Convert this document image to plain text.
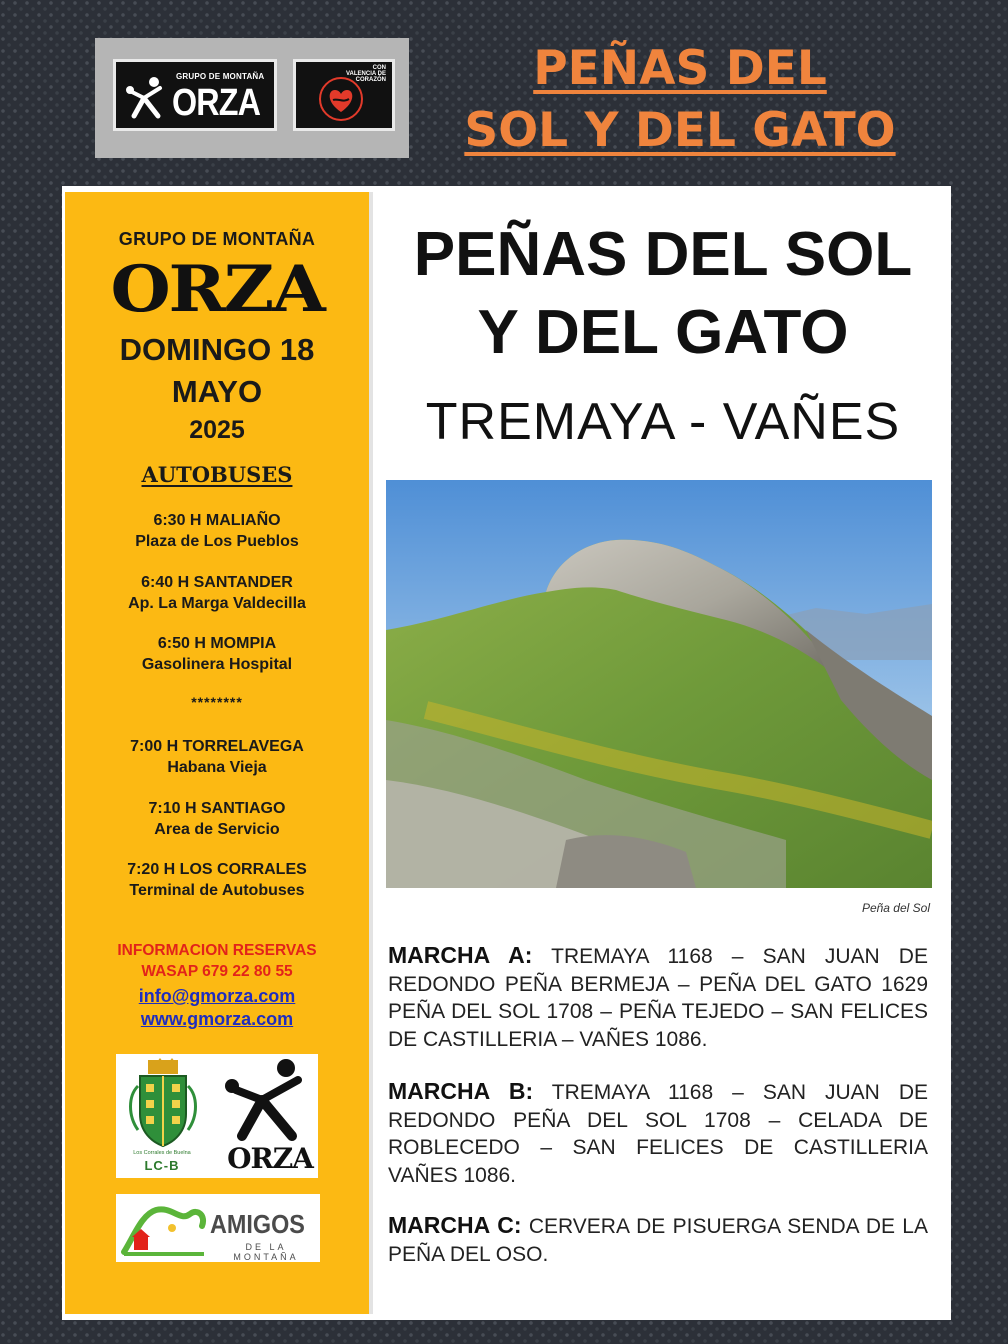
GRUPO DE MONTAÑA
ORZA
CON VALENCIA DE CORAZÓN	PEÑAS DEL
SOL Y DEL GATO
GRUPO DE MONTAÑA
ORZA
DOMINGO 18
MAYO
2025
AUTOBUSES
6:30 H MALIAÑO
Plaza de Los Pueblos
6:40 H SANTANDER
Ap. La Marga Valdecilla
6:50 H MOMPIA
Gasolinera Hospital
********
7:00 H TORRELAVEGA
Habana Vieja
7:10 H SANTIAGO
Area de Servicio
7:20 H LOS CORRALES
Terminal de Autobuses
INFORMACION RESERVAS
WASAP 679 22 80 55
info@gmorza.com
www.gmorza.com
Los Corrales de Buelna
LC-B	ORZA
AMIGOS
DE LA MONTAÑA
PEÑAS DEL SOL
Y DEL GATO
TREMAYA - VAÑES
Peña del Sol
MARCHA A: TREMAYA 1168 – SAN JUAN DE REDONDO PEÑA BERMEJA – PEÑA DEL GATO 1629 PEÑA DEL SOL 1708 – PEÑA TEJEDO – SAN FELICES DE CASTILLERIA – VAÑES 1086.
MARCHA B: TREMAYA 1168 – SAN JUAN DE REDONDO PEÑA DEL SOL 1708 – CELADA DE ROBLECEDO – SAN FELICES DE CASTILLERIA VAÑES 1086.
MARCHA C: CERVERA DE PISUERGA SENDA DE LA PEÑA DEL OSO.
